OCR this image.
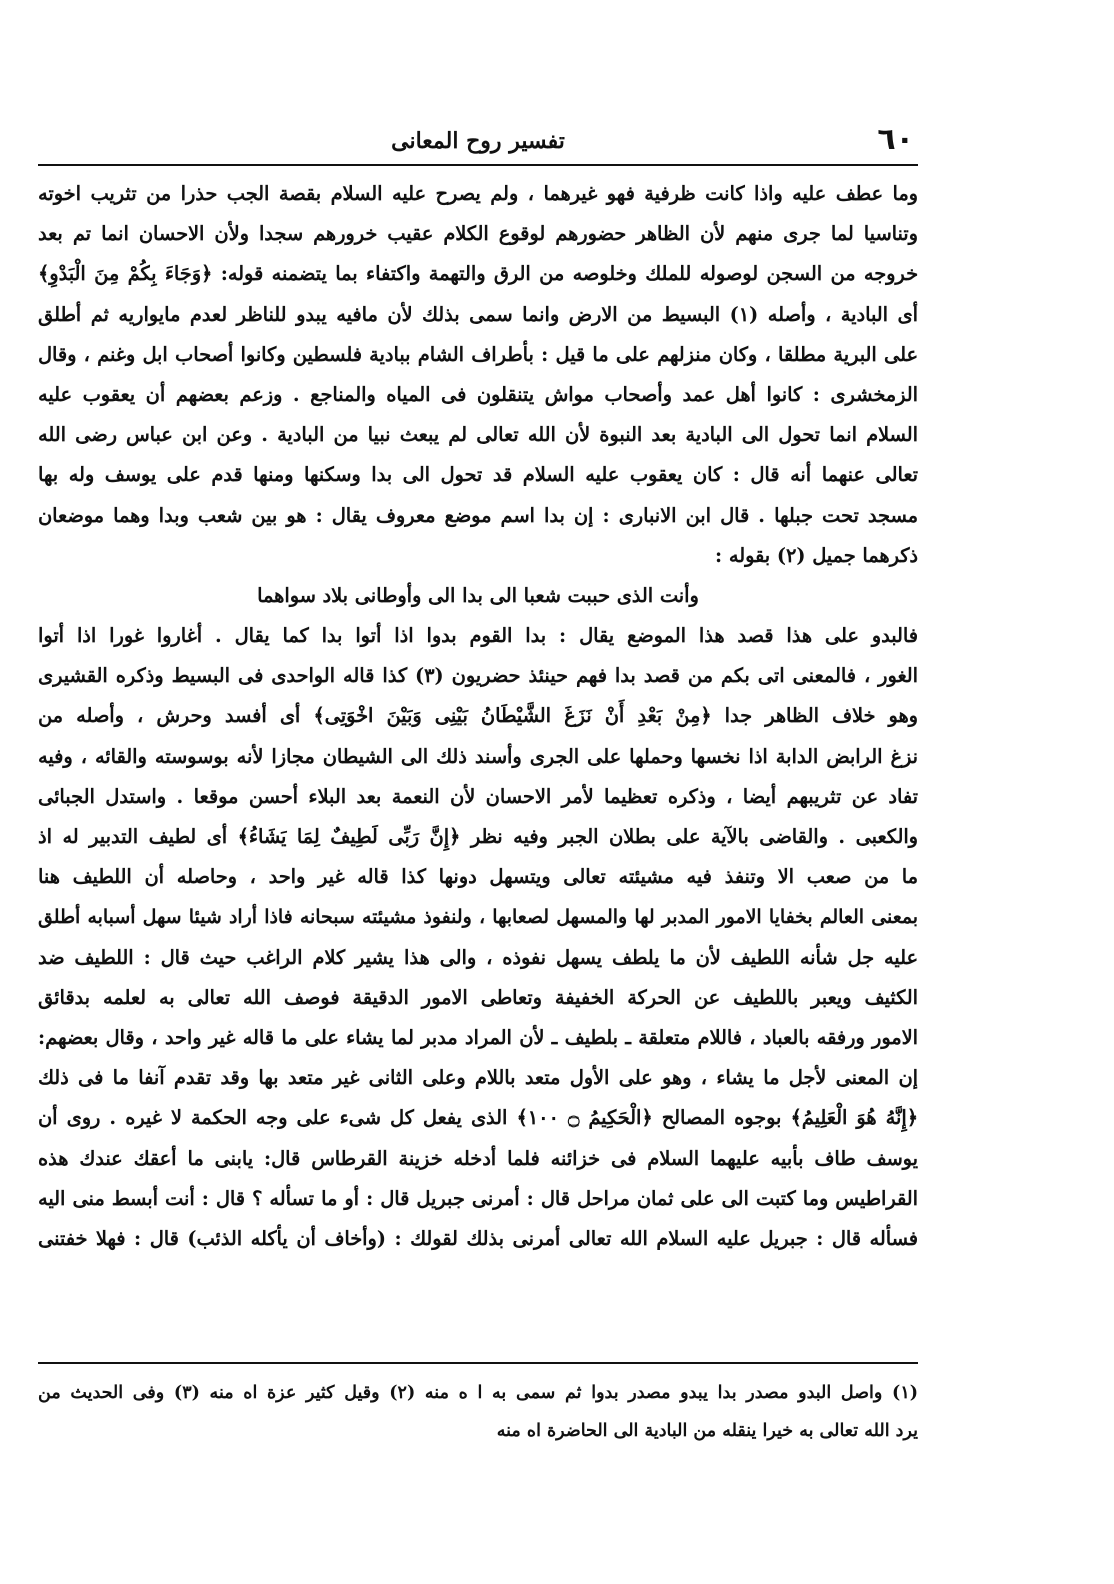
٦٠
تفسير روح المعانى
وما عطف عليه واذا كانت ظرفية فهو غيرهما ، ولم يصرح عليه السلام بقصة الجب حذرا من تثريب اخوته
وتناسيا لما جرى منهم لأن الظاهر حضورهم لوقوع الكلام عقيب خرورهم سجدا ولأن الاحسان انما تم بعد
خروجه من السجن لوصوله للملك وخلوصه من الرق والتهمة واكتفاء بما يتضمنه قوله: ﴿وَجَاءَ بِكُمْ مِنَ الْبَدْوِ﴾
أى البادية ، وأصله (١) البسيط من الارض وانما سمى بذلك لأن مافيه يبدو للناظر لعدم مايواريه ثم أطلق
على البرية مطلقا ، وكان منزلهم على ما قيل : بأطراف الشام ببادية فلسطين وكانوا أصحاب ابل وغنم ، وقال
الزمخشرى : كانوا أهل عمد وأصحاب مواش يتنقلون فى المياه والمناجع . وزعم بعضهم أن يعقوب عليه
السلام انما تحول الى البادية بعد النبوة لأن الله تعالى لم يبعث نبيا من البادية . وعن ابن عباس رضى الله
تعالى عنهما أنه قال : كان يعقوب عليه السلام قد تحول الى بدا وسكنها ومنها قدم على يوسف وله بها
مسجد تحت جبلها . قال ابن الانبارى : إن بدا اسم موضع معروف يقال : هو بين شعب وبدا وهما موضعان
ذكرهما جميل (٢) بقوله :
وأنت الذى حببت شعبا الى بدا الى وأوطانى بلاد سواهما
فالبدو على هذا قصد هذا الموضع يقال : بدا القوم بدوا اذا أتوا بدا كما يقال . أغاروا غورا اذا أتوا
الغور ، فالمعنى اتى بكم من قصد بدا فهم حينئذ حضريون (٣) كذا قاله الواحدى فى البسيط وذكره القشيرى
وهو خلاف الظاهر جدا ﴿مِنْ بَعْدِ أَنْ نَزَغَ الشَّيْطَانُ بَيْنِى وَبَيْنَ اخْوَتِى﴾ أى أفسد وحرش ، وأصله من
نزغ الرابض الدابة اذا نخسها وحملها على الجرى وأسند ذلك الى الشيطان مجازا لأنه بوسوسته والقائه ، وفيه
تفاد عن تثريبهم أيضا ، وذكره تعظيما لأمر الاحسان لأن النعمة بعد البلاء أحسن موقعا . واستدل الجبائى
والكعبى . والقاضى بالآية على بطلان الجبر وفيه نظر ﴿إِنَّ رَبِّى لَطِيفٌ لِمَا يَشَاءُ﴾ أى لطيف التدبير له اذ
ما من صعب الا وتنفذ فيه مشيئته تعالى ويتسهل دونها كذا قاله غير واحد ، وحاصله أن اللطيف هنا
بمعنى العالم بخفايا الامور المدبر لها والمسهل لصعابها ، ولنفوذ مشيئته سبحانه فاذا أراد شيئا سهل أسبابه أطلق
عليه جل شأنه اللطيف لأن ما يلطف يسهل نفوذه ، والى هذا يشير كلام الراغب حيث قال : اللطيف ضد
الكثيف ويعبر باللطيف عن الحركة الخفيفة وتعاطى الامور الدقيقة فوصف الله تعالى به لعلمه بدقائق
الامور ورفقه بالعباد ، فاللام متعلقة ـ بلطيف ـ لأن المراد مدبر لما يشاء على ما قاله غير واحد ، وقال بعضهم:
إن المعنى لأجل ما يشاء ، وهو على الأول متعد باللام وعلى الثانى غير متعد بها وقد تقدم آنفا ما فى ذلك
﴿إِنَّهُ هُوَ الْعَلِيمُ﴾ بوجوه المصالح ﴿الْحَكِيمُ ۝ ١٠٠﴾ الذى يفعل كل شىء على وجه الحكمة لا غيره . روى أن
يوسف طاف بأبيه عليهما السلام فى خزائنه فلما أدخله خزينة القرطاس قال: يابنى ما أعقك عندك هذه
القراطيس وما كتبت الى على ثمان مراحل قال : أمرنى جبريل قال : أو ما تسأله ؟ قال : أنت أبسط منى اليه
فسأله قال : جبريل عليه السلام الله تعالى أمرنى بذلك لقولك : (وأخاف أن يأكله الذئب) قال : فهلا خفتنى
(١) واصل البدو مصدر بدا يبدو مصدر بدوا ثم سمى به ا ه منه (٢) وقيل كثير عزة اه منه (٣) وفى الحديث من
يرد الله تعالى به خيرا ينقله من البادية الى الحاضرة اه منه
